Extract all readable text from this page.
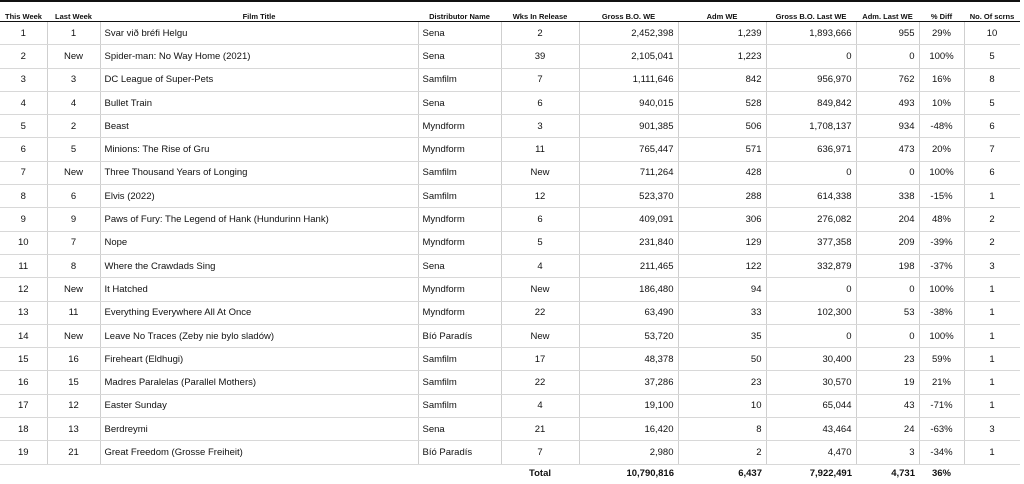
This Week	Last Week	Film Title	Distributor Name	Wks In Release	Gross B.O. WE	Adm WE	Gross B.O. Last WE	Adm. Last WE	% Diff	No. Of scrns
1	1	Svar við bréfi Helgu	Sena	2	2,452,398	1,239	1,893,666	955	29%	10
2	New	Spider-man: No Way Home (2021)	Sena	39	2,105,041	1,223	0	0	100%	5
3	3	DC League of Super-Pets	Samfilm	7	1,111,646	842	956,970	762	16%	8
4	4	Bullet Train	Sena	6	940,015	528	849,842	493	10%	5
5	2	Beast	Myndform	3	901,385	506	1,708,137	934	-48%	6
6	5	Minions: The Rise of Gru	Myndform	11	765,447	571	636,971	473	20%	7
7	New	Three Thousand Years of Longing	Samfilm	New	711,264	428	0	0	100%	6
8	6	Elvis (2022)	Samfilm	12	523,370	288	614,338	338	-15%	1
9	9	Paws of Fury: The Legend of Hank (Hundurinn Hank)	Myndform	6	409,091	306	276,082	204	48%	2
10	7	Nope	Myndform	5	231,840	129	377,358	209	-39%	2
11	8	Where the Crawdads Sing	Sena	4	211,465	122	332,879	198	-37%	3
12	New	It Hatched	Myndform	New	186,480	94	0	0	100%	1
13	11	Everything Everywhere All At Once	Myndform	22	63,490	33	102,300	53	-38%	1
14	New	Leave No Traces (Zeby nie bylo sladów)	Bíó Paradís	New	53,720	35	0	0	100%	1
15	16	Fireheart (Eldhugi)	Samfilm	17	48,378	50	30,400	23	59%	1
16	15	Madres Paralelas (Parallel Mothers)	Samfilm	22	37,286	23	30,570	19	21%	1
17	12	Easter Sunday	Samfilm	4	19,100	10	65,044	43	-71%	1
18	13	Berdreymi	Sena	21	16,420	8	43,464	24	-63%	3
19	21	Great Freedom (Grosse Freiheit)	Bíó Paradís	7	2,980	2	4,470	3	-34%	1
				Total	10,790,816	6,437	7,922,491	4,731	36%	
